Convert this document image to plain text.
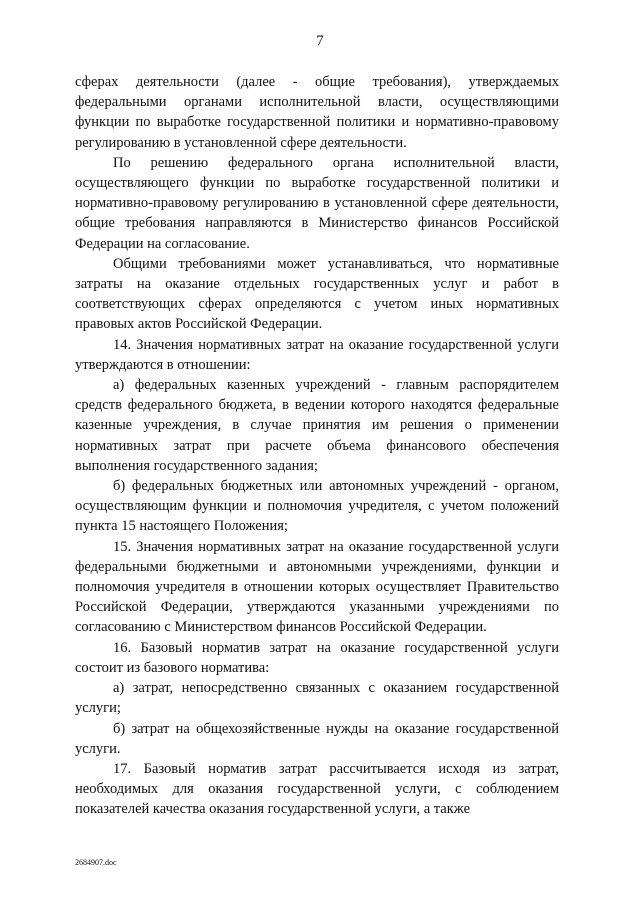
7

сферах деятельности (далее - общие требования), утверждаемых федеральными органами исполнительной власти, осуществляющими функции по выработке государственной политики и нормативно-правовому регулированию в установленной сфере деятельности.

По решению федерального органа исполнительной власти, осуществляющего функции по выработке государственной политики и нормативно-правовому регулированию в установленной сфере деятельности, общие требования направляются в Министерство финансов Российской Федерации на согласование.

Общими требованиями может устанавливаться, что нормативные затраты на оказание отдельных государственных услуг и работ в соответствующих сферах определяются с учетом иных нормативных правовых актов Российской Федерации.

14. Значения нормативных затрат на оказание государственной услуги утверждаются в отношении:

а) федеральных казенных учреждений - главным распорядителем средств федерального бюджета, в ведении которого находятся федеральные казенные учреждения, в случае принятия им решения о применении нормативных затрат при расчете объема финансового обеспечения выполнения государственного задания;

б) федеральных бюджетных или автономных учреждений - органом, осуществляющим функции и полномочия учредителя, с учетом положений пункта 15 настоящего Положения;

15. Значения нормативных затрат на оказание государственной услуги федеральными бюджетными и автономными учреждениями, функции и полномочия учредителя в отношении которых осуществляет Правительство Российской Федерации, утверждаются указанными учреждениями по согласованию с Министерством финансов Российской Федерации.

16. Базовый норматив затрат на оказание государственной услуги состоит из базового норматива:

а) затрат, непосредственно связанных с оказанием государственной услуги;

б) затрат на общехозяйственные нужды на оказание государственной услуги.

17. Базовый норматив затрат рассчитывается исходя из затрат, необходимых для оказания государственной услуги, с соблюдением показателей качества оказания государственной услуги, а также

2684907.doc
